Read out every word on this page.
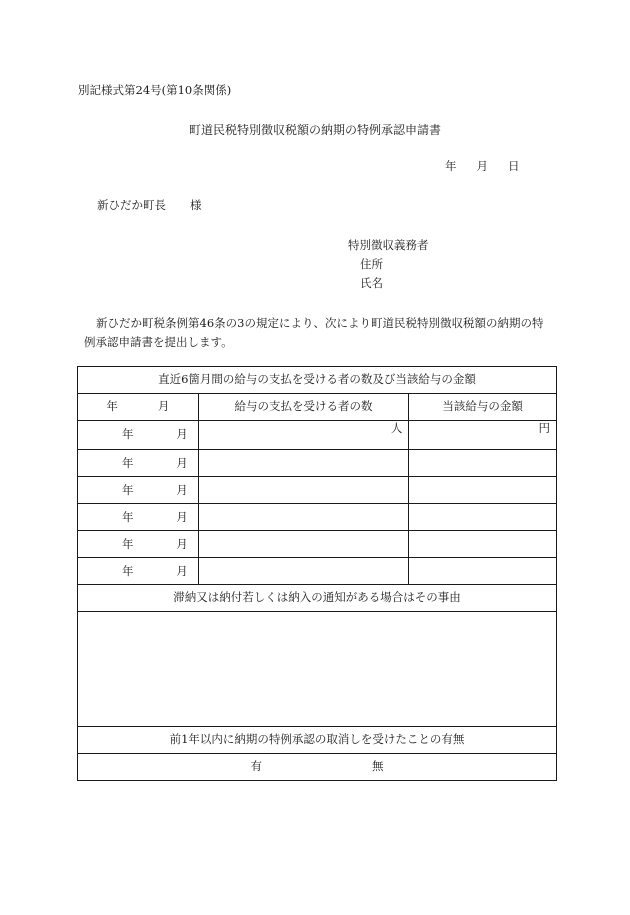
別記様式第24号(第10条関係)
町道民税特別徴収税額の納期の特例承認申請書
年 月 日
新ひだか町長 様
特別徴収義務者
住所
氏名
新ひだか町税条例第46条の3の規定により、次により町道民税特別徴収税額の納期の特例承認申請書を提出します。
直近6箇月間の給与の支払を受ける者の数及び当該給与の金額		
年 月	給与の支払を受ける者の数	当該給与の金額

年 月	人	円

年 月		

年 月		

年 月		

年 月		

年 月		

滞納又は納付若しくは納入の通知がある場合はその事由		

前1年以内に納期の特例承認の取消しを受けたことの有無		
有 無		
